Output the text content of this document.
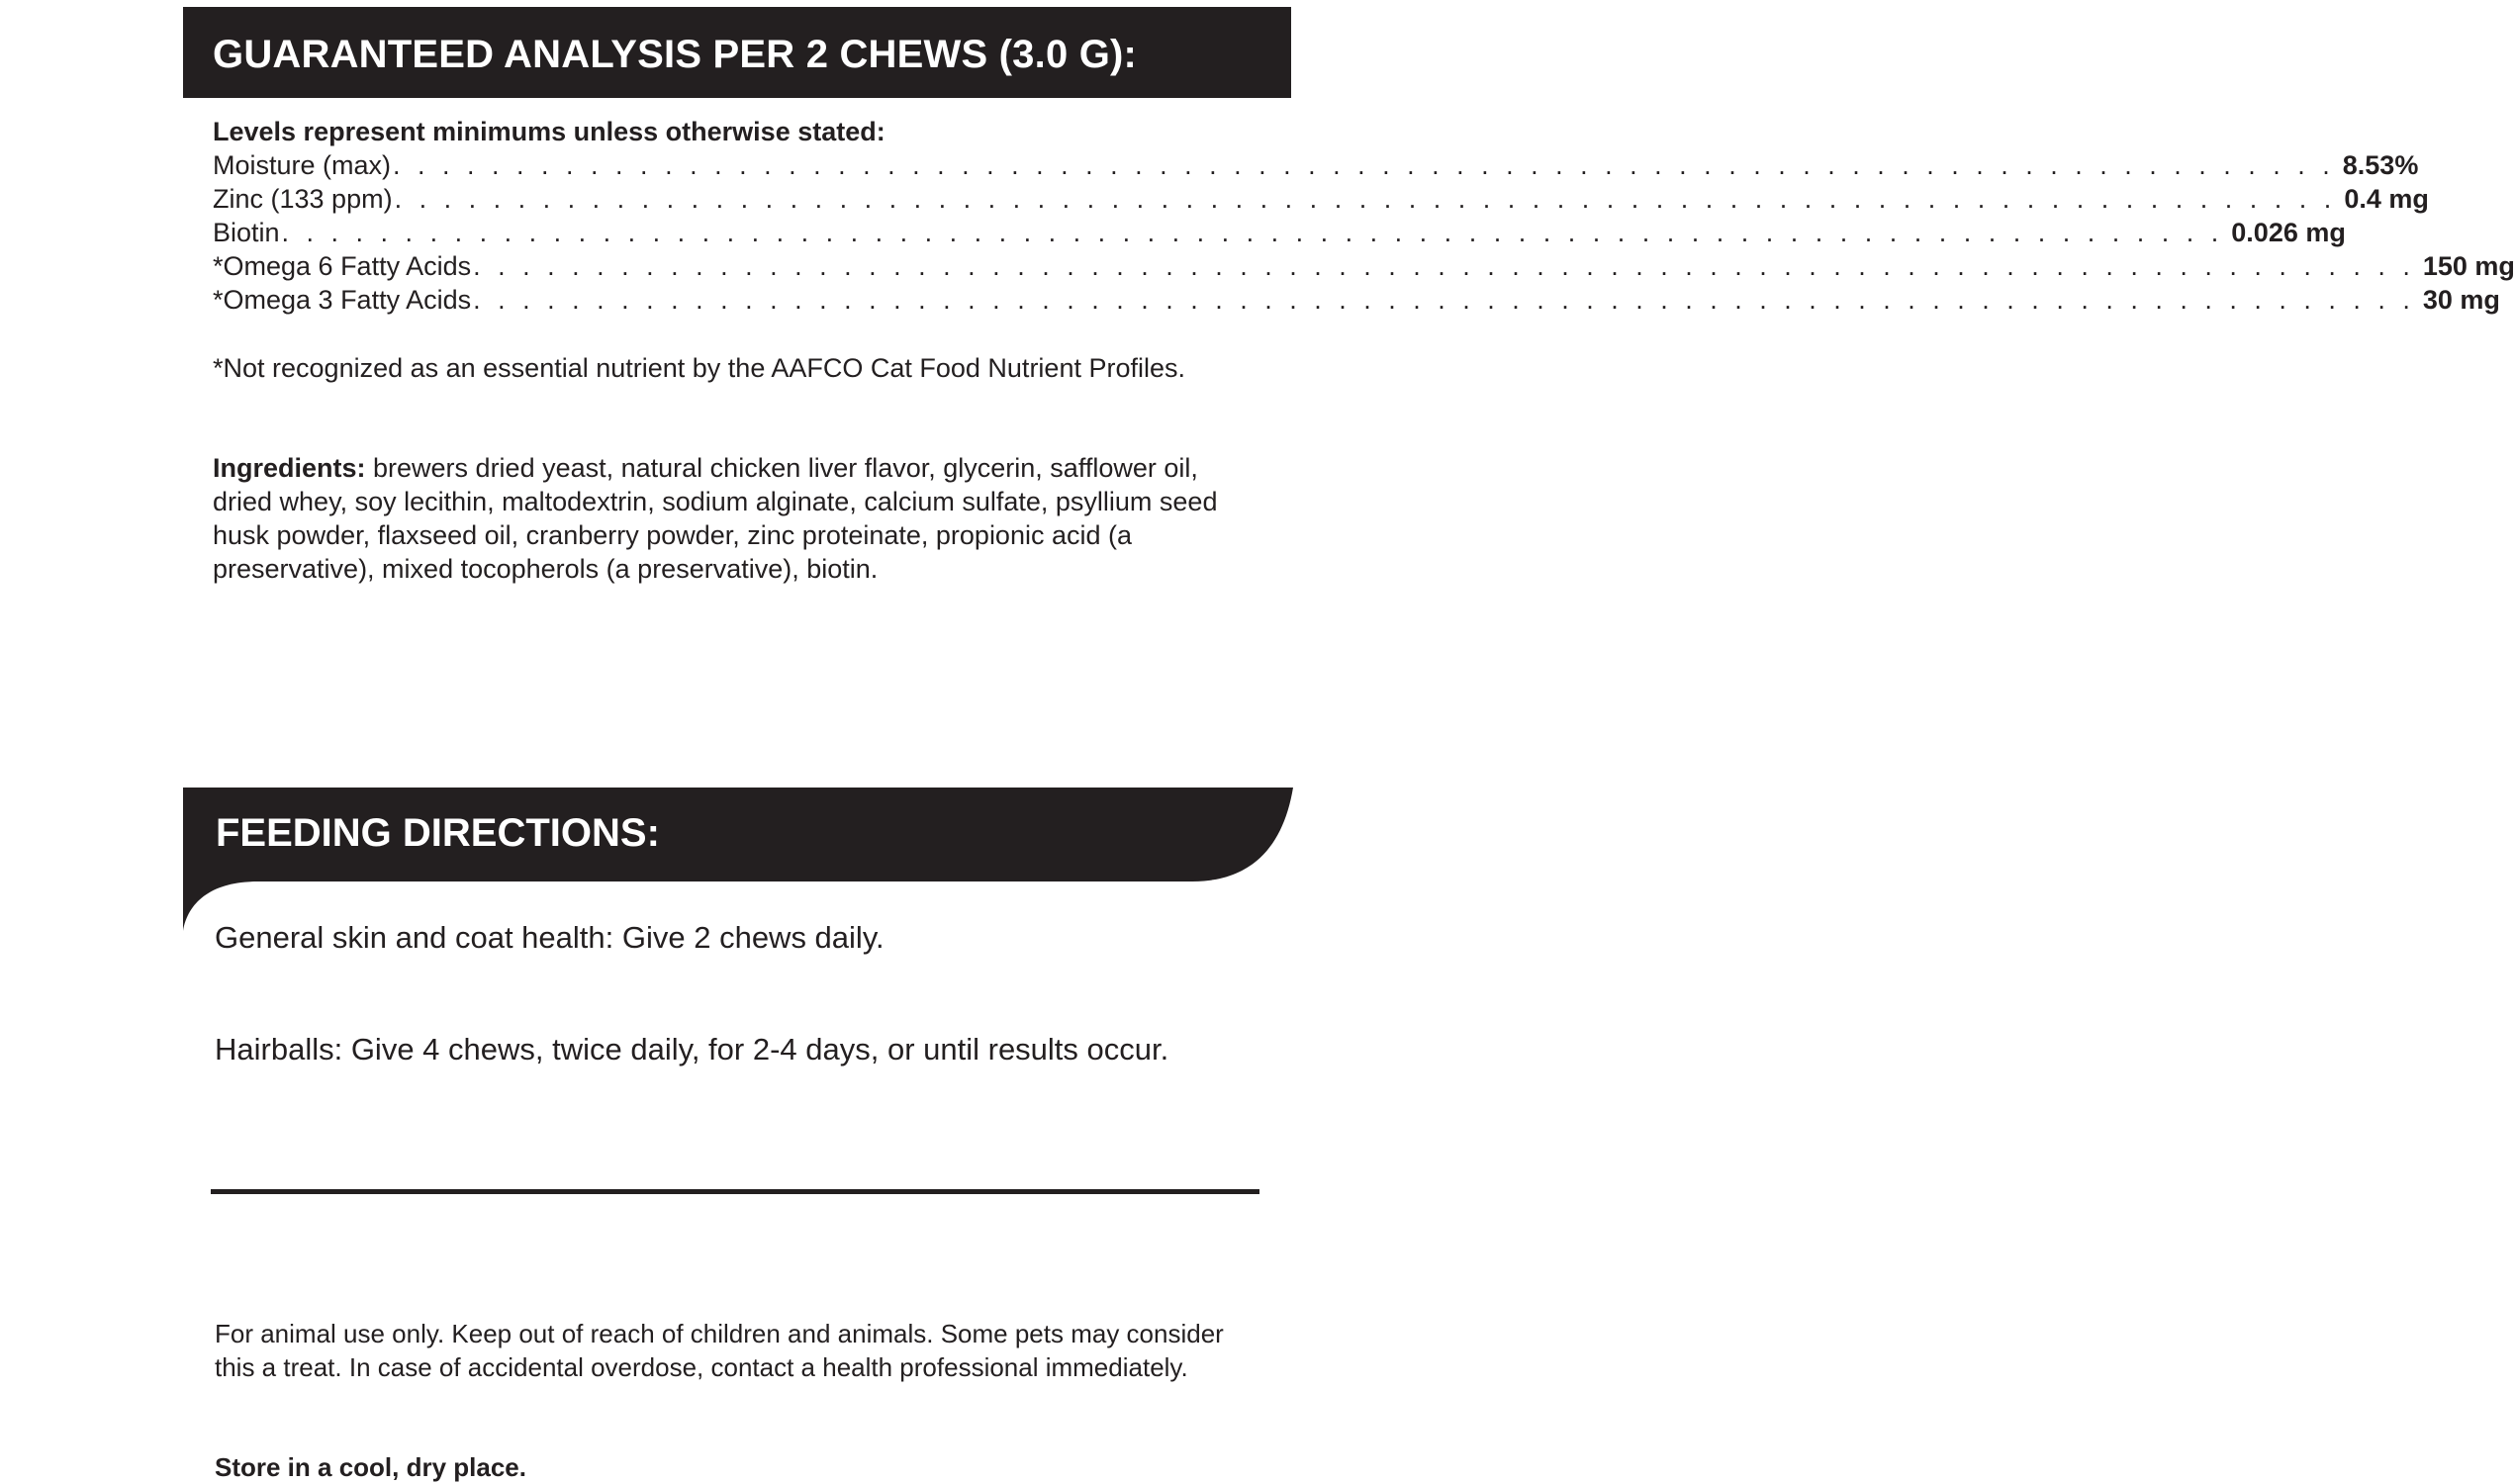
GUARANTEED ANALYSIS PER 2 CHEWS (3.0 G):
Levels represent minimums unless otherwise stated:
Moisture (max) . . . . . . . . . . . . . . . . . . . . . . . . . . . . . . . . . . . . . . . . . . . . . . . . . . . . . . . . . . . . . . . . . . . . . . . . . . . . . . . 8.53%
Zinc (133 ppm) . . . . . . . . . . . . . . . . . . . . . . . . . . . . . . . . . . . . . . . . . . . . . . . . . . . . . . . . . . . . . . . . . . . . . . . . . . . . . . . 0.4 mg
Biotin . . . . . . . . . . . . . . . . . . . . . . . . . . . . . . . . . . . . . . . . . . . . . . . . . . . . . . . . . . . . . . . . . . . . . . . . . . . . . . . 0.026 mg
*Omega 6 Fatty Acids . . . . . . . . . . . . . . . . . . . . . . . . . . . . . . . . . . . . . . . . . . . . . . . . . . . . . . . . . . . . . . . . . . . . . . . . . . . . . . . 150 mg
*Omega 3 Fatty Acids . . . . . . . . . . . . . . . . . . . . . . . . . . . . . . . . . . . . . . . . . . . . . . . . . . . . . . . . . . . . . . . . . . . . . . . . . . . . . . . 30 mg

*Not recognized as an essential nutrient by the AAFCO Cat Food Nutrient Profiles.

Ingredients: brewers dried yeast, natural chicken liver flavor, glycerin, safflower oil, dried whey, soy lecithin, maltodextrin, sodium alginate, calcium sulfate, psyllium seed husk powder, flaxseed oil, cranberry powder, zinc proteinate, propionic acid (a preservative), mixed tocopherols (a preservative), biotin.

FEEDING DIRECTIONS:

General skin and coat health: Give 2 chews daily.

Hairballs: Give 4 chews, twice daily, for 2-4 days, or until results occur.

For animal use only. Keep out of reach of children and animals. Some pets may consider this a treat. In case of accidental overdose, contact a health professional immediately.

Store in a cool, dry place.
